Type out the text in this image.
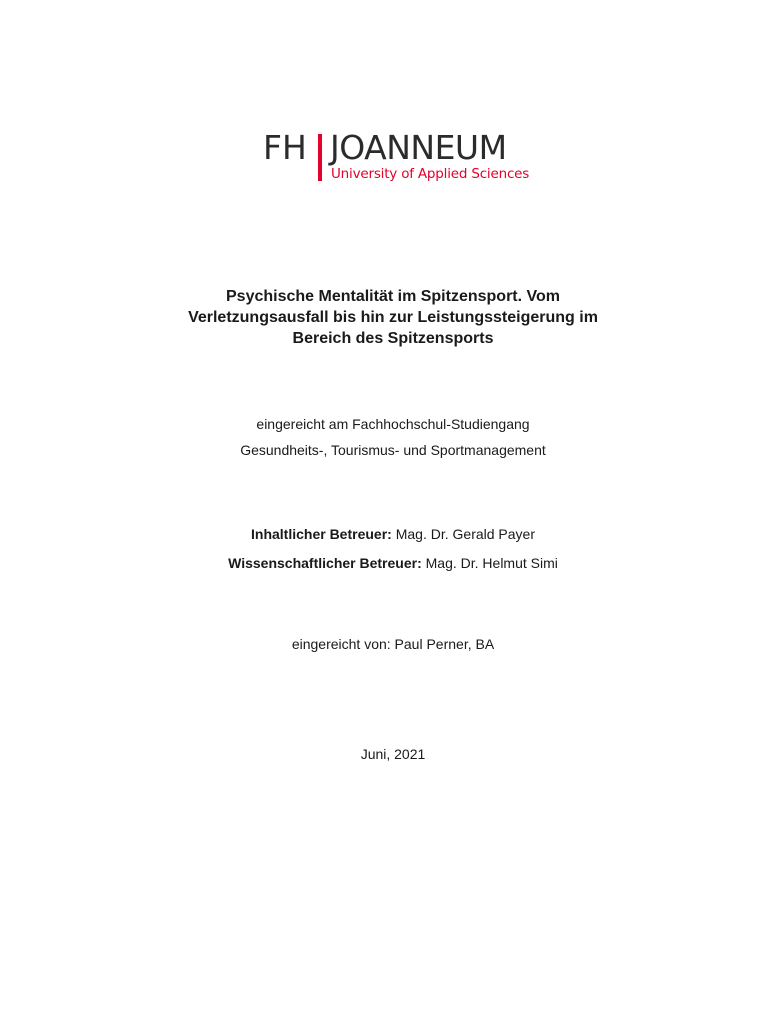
FH JOANNEUM
University of Applied Sciences
Psychische Mentalität im Spitzensport. Vom
Verletzungsausfall bis hin zur Leistungssteigerung im
Bereich des Spitzensports
eingereicht am Fachhochschul-Studiengang
Gesundheits-, Tourismus- und Sportmanagement
Inhaltlicher Betreuer: Mag. Dr. Gerald Payer
Wissenschaftlicher Betreuer: Mag. Dr. Helmut Simi
eingereicht von: Paul Perner, BA
Juni, 2021
